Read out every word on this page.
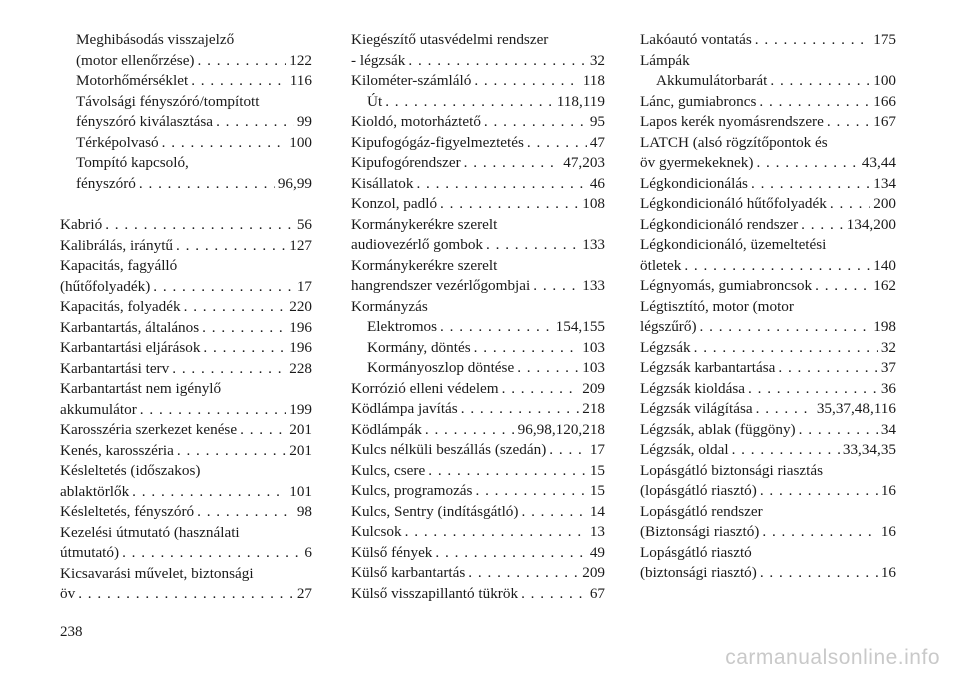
Meghibásodás visszajelző
(motor ellenőrzése) . . .	122
Motorhőmérséklet . . .	116
Távolsági fényszóró/tompított
fényszóró kiválasztása . . .	99
Térképolvasó . . .	100
Tompító kapcsoló,
fényszóró . . .	96,99
Kabrió . . .	56
Kalibrálás, iránytű . . .	127
Kapacitás, fagyálló
(hűtőfolyadék) . . .	17
Kapacitás, folyadék . . .	220
Karbantartás, általános . . .	196
Karbantartási eljárások . . .	196
Karbantartási terv . . .	228
Karbantartást nem igénylő
akkumulátor . . .	199
Karosszéria szerkezet kenése . . .	201
Kenés, karosszéria . . .	201
Késleltetés (időszakos)
ablaktörlők . . .	101
Késleltetés, fényszóró . . .	98
Kezelési útmutató (használati
útmutató) . . .	6
Kicsavarási művelet, biztonsági
öv . . .	27
Kiegészítő utasvédelmi rendszer
- légzsák . . .	32
Kilométer-számláló . . .	118
Út . . .	118,119
Kioldó, motorháztető . . .	95
Kipufogógáz-figyelmeztetés . . .	47
Kipufogórendszer . . .	47,203
Kisállatok . . .	46
Konzol, padló . . .	108
Kormánykerékre szerelt
audiovezérlő gombok . . .	133
Kormánykerékre szerelt
hangrendszer vezérlőgombjai . . .	133
Kormányzás
Elektromos . . .	154,155
Kormány, döntés . . .	103
Kormányoszlop döntése . . .	103
Korrózió elleni védelem . . .	209
Ködlámpa javítás . . .	218
Ködlámpák . . .	96,98,120,218
Kulcs nélküli beszállás (szedán) . . .	17
Kulcs, csere . . .	15
Kulcs, programozás . . .	15
Kulcs, Sentry (indításgátló) . . .	14
Kulcsok . . .	13
Külső fények . . .	49
Külső karbantartás . . .	209
Külső visszapillantó tükrök . . .	67
Lakóautó vontatás . . .	175
Lámpák
Akkumulátorbarát . . .	100
Lánc, gumiabroncs . . .	166
Lapos kerék nyomásrendszere . . .	167
LATCH (alsó rögzítőpontok és
öv gyermekeknek) . . .	43,44
Légkondicionálás . . .	134
Légkondicionáló hűtőfolyadék . . .	200
Légkondicionáló rendszer . . .	134,200
Légkondicionáló, üzemeltetési
ötletek . . .	140
Légnyomás, gumiabroncsok . . .	162
Légtisztító, motor (motor
légszűrő) . . .	198
Légzsák . . .	32
Légzsák karbantartása . . .	37
Légzsák kioldása . . .	36
Légzsák világítása . . .	35,37,48,116
Légzsák, ablak (függöny) . . .	34
Légzsák, oldal . . .	33,34,35
Lopásgátló biztonsági riasztás
(lopásgátló riasztó) . . .	16
Lopásgátló rendszer
(Biztonsági riasztó) . . .	16
Lopásgátló riasztó
(biztonsági riasztó) . . .	16
238
carmanualsonline.info
